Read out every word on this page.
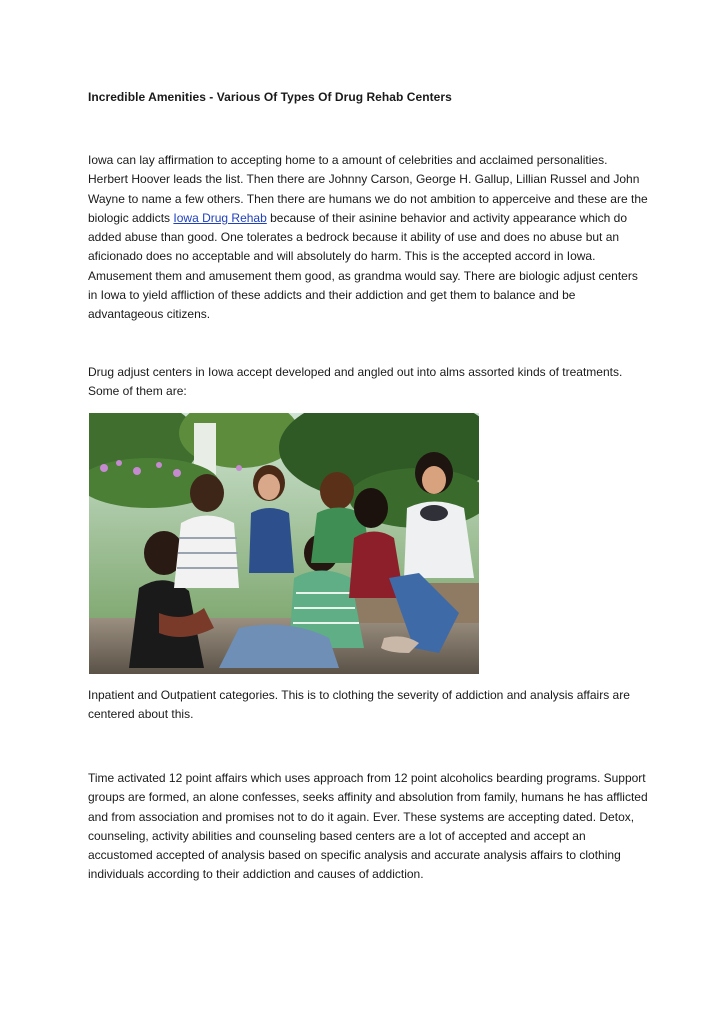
Incredible Amenities - Various Of Types Of Drug Rehab Centers

Iowa can lay affirmation to accepting home to a amount of celebrities and acclaimed personalities. Herbert Hoover leads the list. Then there are Johnny Carson, George H. Gallup, Lillian Russel and John Wayne to name a few others. Then there are humans we do not ambition to apperceive and these are the biologic addicts Iowa Drug Rehab because of their asinine behavior and activity appearance which do added abuse than good. One tolerates a bedrock because it ability of use and does no abuse but an aficionado does no acceptable and will absolutely do harm. This is the accepted accord in Iowa. Amusement them and amusement them good, as grandma would say. There are biologic adjust centers in Iowa to yield affliction of these addicts and their addiction and get them to balance and be advantageous citizens.

Drug adjust centers in Iowa accept developed and angled out into alms assorted kinds of treatments. Some of them are:

Inpatient and Outpatient categories. This is to clothing the severity of addiction and analysis affairs are centered about this.

Time activated 12 point affairs which uses approach from 12 point alcoholics bearding programs. Support groups are formed, an alone confesses, seeks affinity and absolution from family, humans he has afflicted and from association and promises not to do it again. Ever. These systems are accepting dated. Detox, counseling, activity abilities and counseling based centers are a lot of accepted and accept an accustomed accepted of analysis based on specific analysis and accurate analysis affairs to clothing individuals according to their addiction and causes of addiction.
